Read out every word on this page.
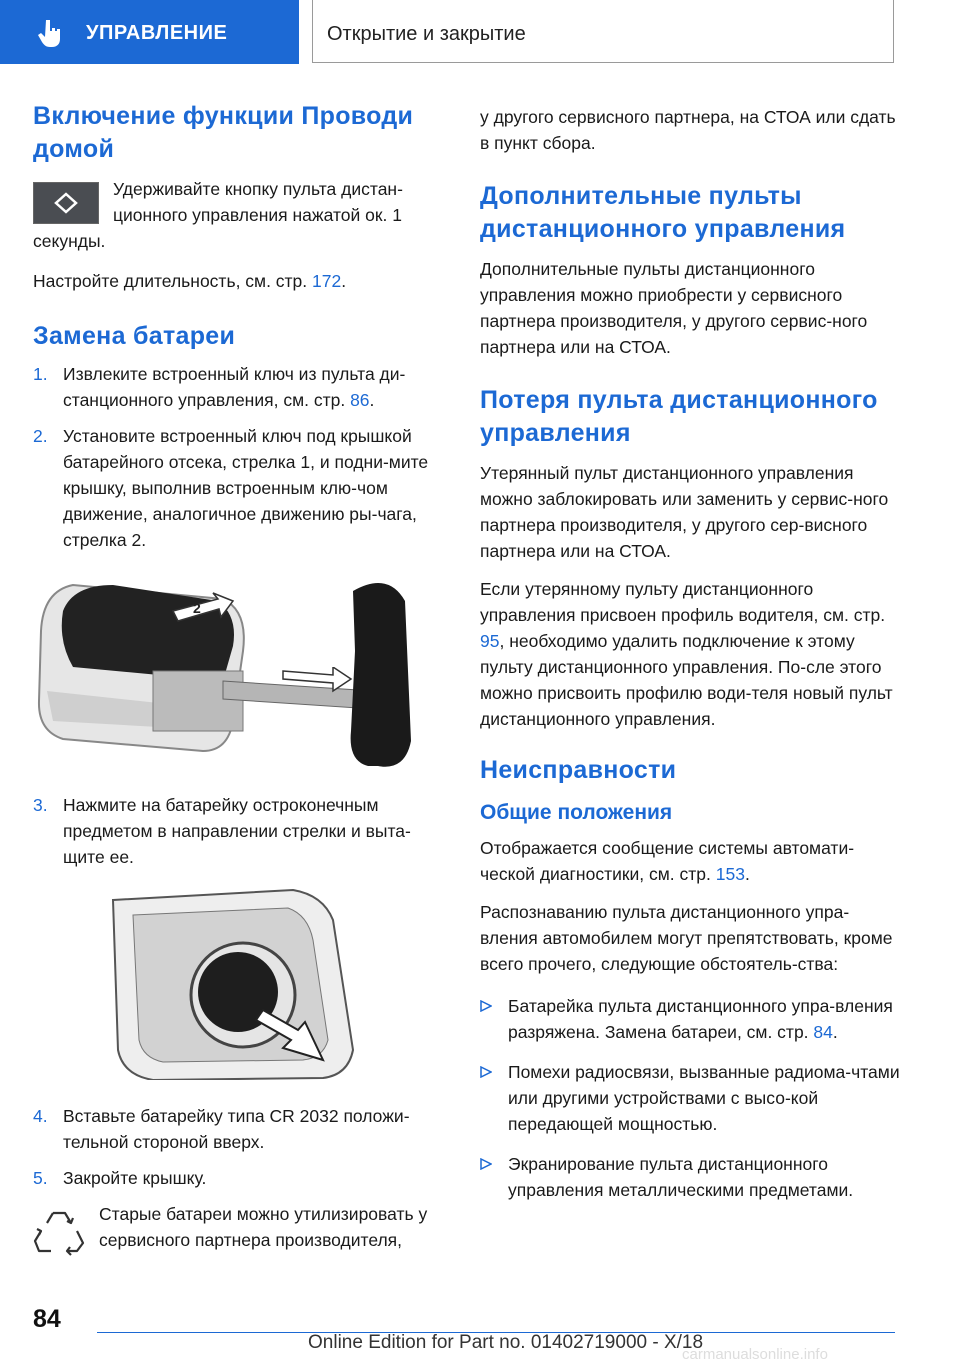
УПРАВЛЕНИЕ	Открытие и закрытие
Включение функции Проводи домой

Удерживайте кнопку пульта дистан-ционного управления нажатой ок. 1 секунды.

Настройте длительность, см. стр. 172.

Замена батареи
1. Извлеките встроенный ключ из пульта ди-станционного управления, см. стр. 86.
2. Установите встроенный ключ под крышкой батарейного отсека, стрелка 1, и подни-мите крышку, выполнив встроенным клю-чом движение, аналогичное движению ры-чага, стрелка 2.
1
2
3. Нажмите на батарейку остроконечным предметом в направлении стрелки и выта-щите ее.
4. Вставьте батарейку типа CR 2032 положи-тельной стороной вверх.
5. Закройте крышку.

Старые батареи можно утилизировать у сервисного партнера производителя,

у другого сервисного партнера, на СТОА или сдать в пункт сбора.

Дополнительные пульты дистанционного управления

Дополнительные пульты дистанционного управления можно приобрести у сервисного партнера производителя, у другого сервис-ного партнера или на СТОА.

Потеря пульта дистанционного управления

Утерянный пульт дистанционного управления можно заблокировать или заменить у сервис-ного партнера производителя, у другого сер-висного партнера или на СТОА.

Если утерянному пульту дистанционного управления присвоен профиль водителя, см. стр. 95, необходимо удалить подключение к этому пульту дистанционного управления. По-сле этого можно присвоить профилю води-теля новый пульт дистанционного управления.

Неисправности
Общие положения

Отображается сообщение системы автомати-ческой диагностики, см. стр. 153.

Распознаванию пульта дистанционного упра-вления автомобилем могут препятствовать, кроме всего прочего, следующие обстоятель-ства:

Батарейка пульта дистанционного упра-вления разряжена. Замена батареи, см. стр. 84.
Помехи радиосвязи, вызванные радиома-чтами или другими устройствами с высо-кой передающей мощностью.
Экранирование пульта дистанционного управления металлическими предметами.
84
Online Edition for Part no. 01402719000 - X/18
carmanualsonline.info
